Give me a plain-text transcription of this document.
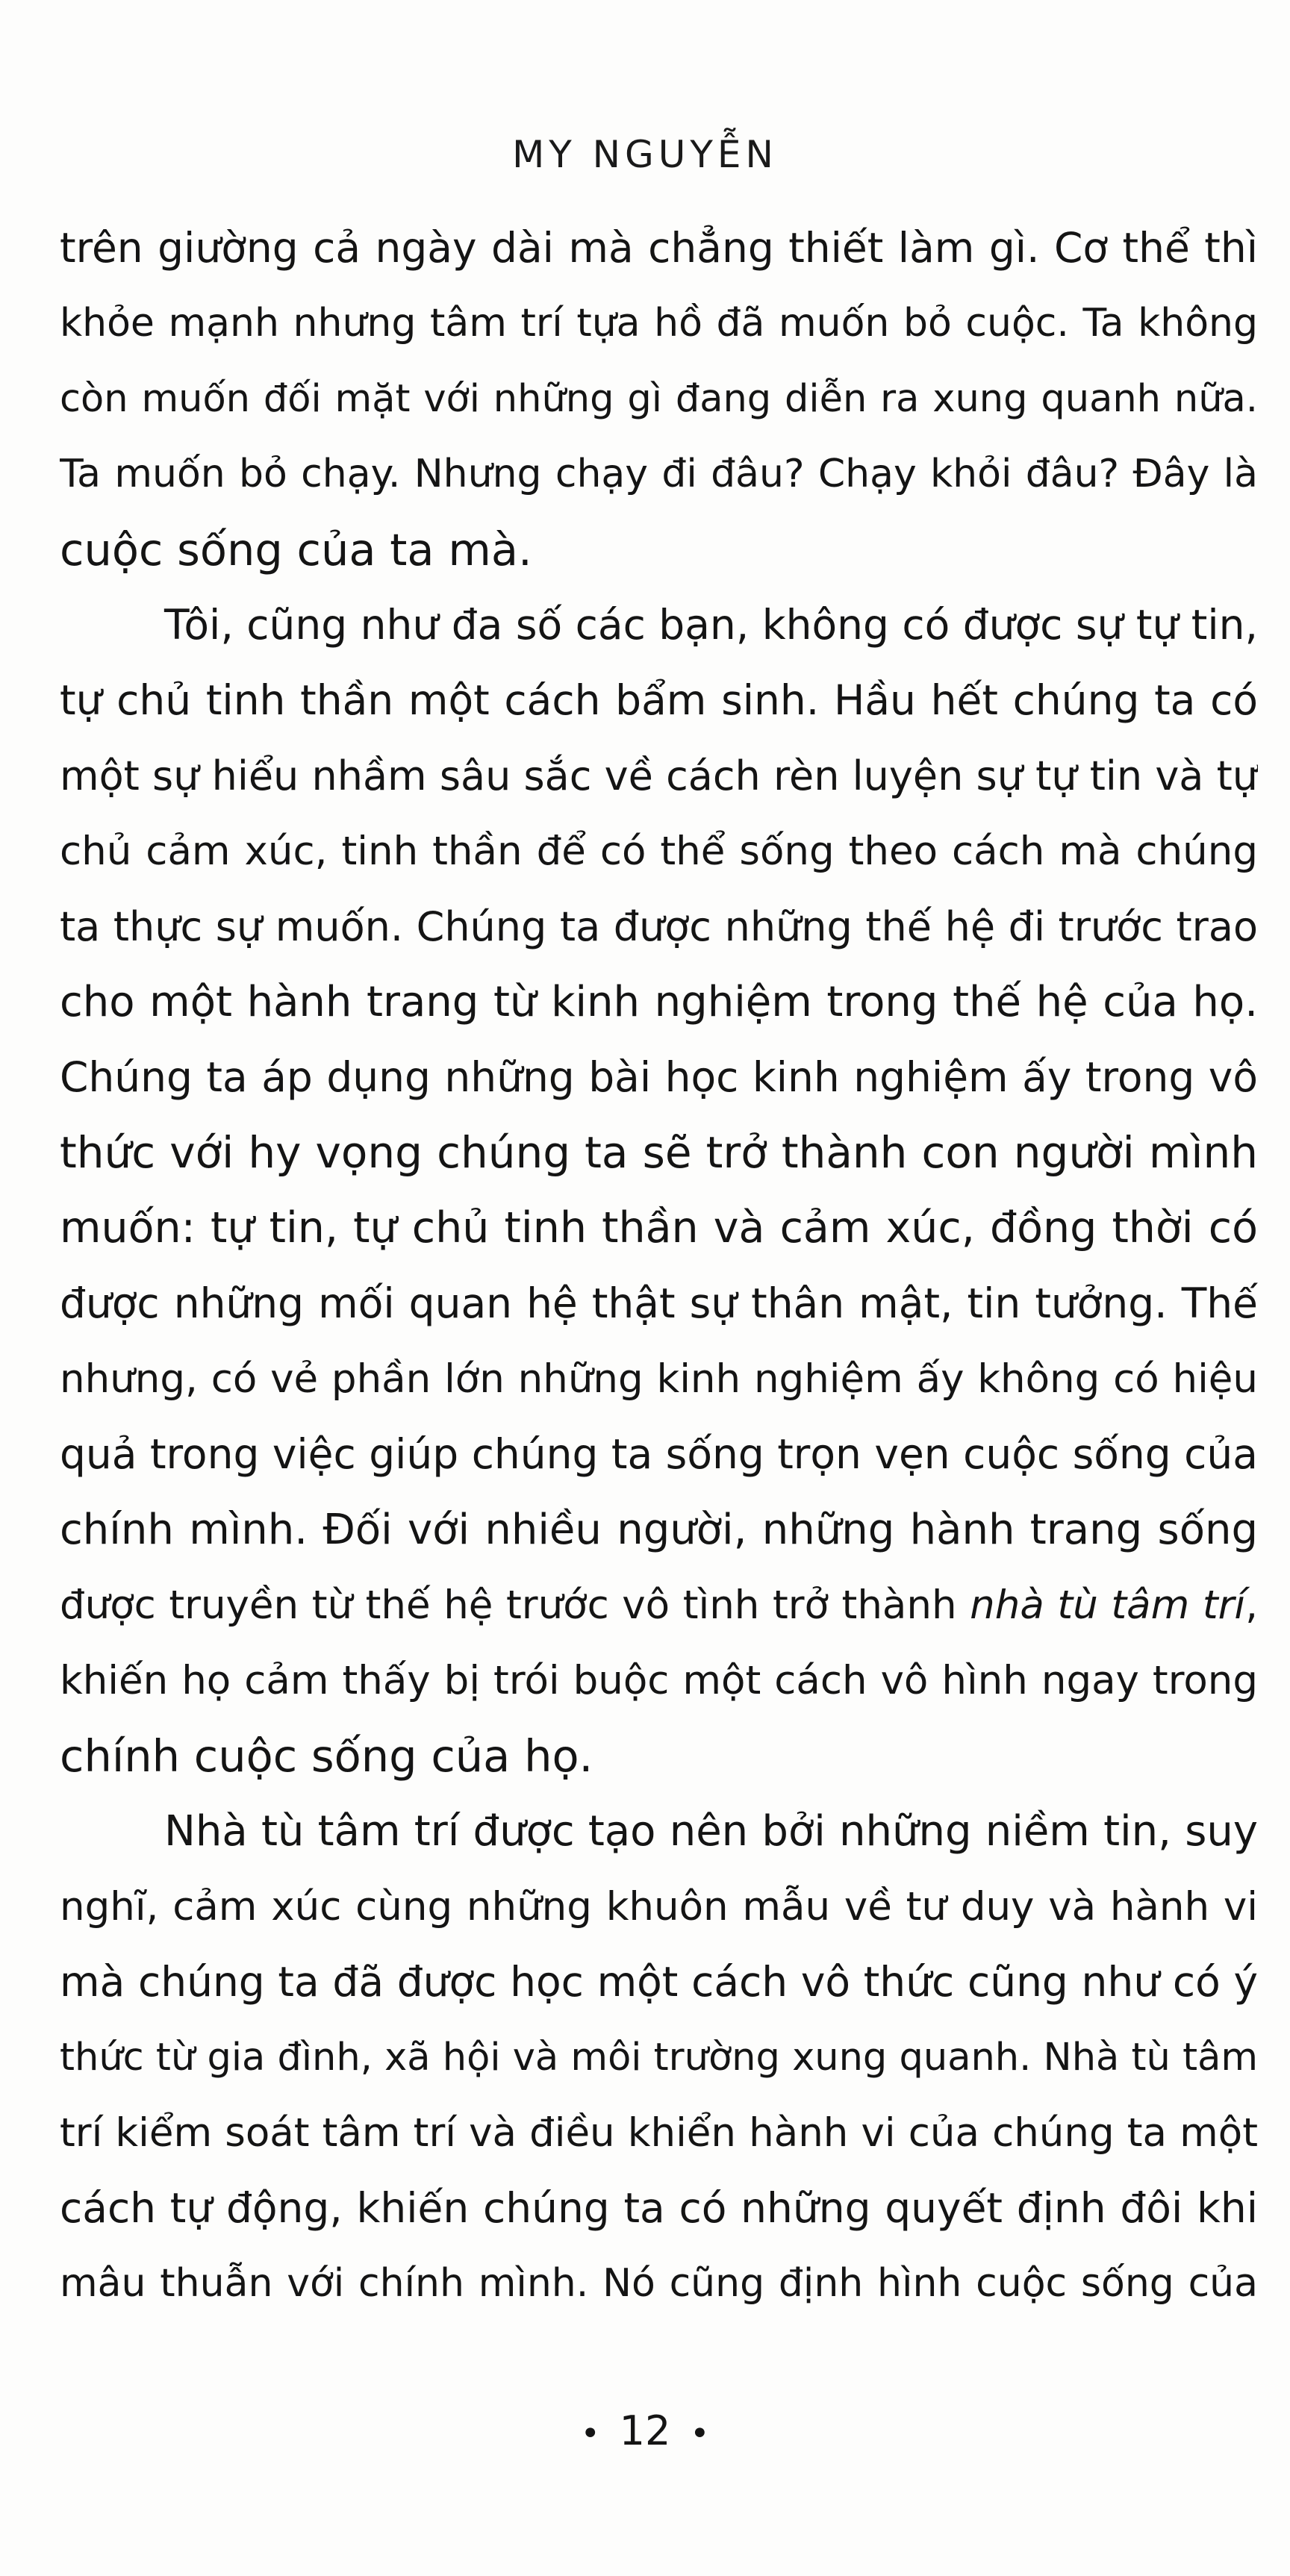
MY NGUYỄN
trên giường cả ngày dài mà chẳng thiết làm gì. Cơ thể thì
khỏe mạnh nhưng tâm trí tựa hồ đã muốn bỏ cuộc. Ta không
còn muốn đối mặt với những gì đang diễn ra xung quanh nữa.
Ta muốn bỏ chạy. Nhưng chạy đi đâu? Chạy khỏi đâu? Đây là
cuộc sống của ta mà.
Tôi, cũng như đa số các bạn, không có được sự tự tin,
tự chủ tinh thần một cách bẩm sinh. Hầu hết chúng ta có
một sự hiểu nhầm sâu sắc về cách rèn luyện sự tự tin và tự
chủ cảm xúc, tinh thần để có thể sống theo cách mà chúng
ta thực sự muốn. Chúng ta được những thế hệ đi trước trao
cho một hành trang từ kinh nghiệm trong thế hệ của họ.
Chúng ta áp dụng những bài học kinh nghiệm ấy trong vô
thức với hy vọng chúng ta sẽ trở thành con người mình
muốn: tự tin, tự chủ tinh thần và cảm xúc, đồng thời có
được những mối quan hệ thật sự thân mật, tin tưởng. Thế
nhưng, có vẻ phần lớn những kinh nghiệm ấy không có hiệu
quả trong việc giúp chúng ta sống trọn vẹn cuộc sống của
chính mình. Đối với nhiều người, những hành trang sống
được truyền từ thế hệ trước vô tình trở thành nhà tù tâm trí,
khiến họ cảm thấy bị trói buộc một cách vô hình ngay trong
chính cuộc sống của họ.
Nhà tù tâm trí được tạo nên bởi những niềm tin, suy
nghĩ, cảm xúc cùng những khuôn mẫu về tư duy và hành vi
mà chúng ta đã được học một cách vô thức cũng như có ý
thức từ gia đình, xã hội và môi trường xung quanh. Nhà tù tâm
trí kiểm soát tâm trí và điều khiển hành vi của chúng ta một
cách tự động, khiến chúng ta có những quyết định đôi khi
mâu thuẫn với chính mình. Nó cũng định hình cuộc sống của
• 12 •
